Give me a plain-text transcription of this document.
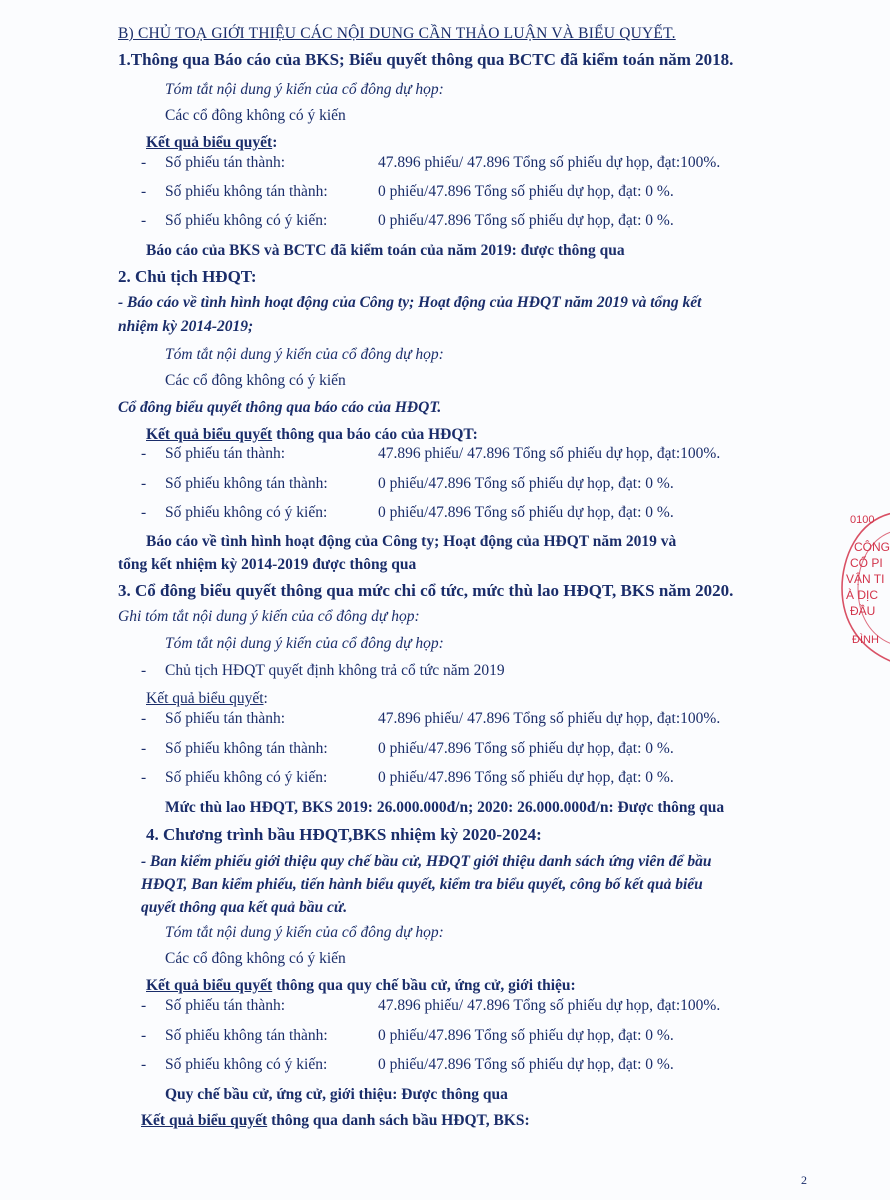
B) CHỦ TOẠ GIỚI THIỆU CÁC NỘI DUNG CẦN THẢO LUẬN VÀ BIỂU QUYẾT.
1.Thông qua Báo cáo của BKS; Biểu quyết thông qua BCTC đã kiểm toán năm 2018.
Tóm tắt nội dung ý kiến của cổ đông dự họp:
Các cổ đông không có ý kiến
Kết quả biểu quyết:
- Số phiếu tán thành:	47.896 phiếu/ 47.896 Tổng số phiếu dự họp, đạt:100%.
- Số phiếu không tán thành:	0 phiếu/47.896 Tổng số phiếu dự họp, đạt: 0 %.
- Số phiếu không có ý kiến:	0 phiếu/47.896 Tổng số phiếu dự họp, đạt: 0 %.
Báo cáo của BKS và BCTC đã kiểm toán của năm 2019: được thông qua
2. Chủ tịch HĐQT:
- Báo cáo về tình hình hoạt động của Công ty; Hoạt động của HĐQT năm 2019 và tổng kết
nhiệm kỳ 2014-2019;
Tóm tắt nội dung ý kiến của cổ đông dự họp:
Các cổ đông không có ý kiến
Cổ đông biểu quyết thông qua báo cáo của HĐQT.
Kết quả biểu quyết thông qua báo cáo của HĐQT:
- Số phiếu tán thành:	47.896 phiếu/ 47.896 Tổng số phiếu dự họp, đạt:100%.
- Số phiếu không tán thành:	0 phiếu/47.896 Tổng số phiếu dự họp, đạt: 0 %.
- Số phiếu không có ý kiến:	0 phiếu/47.896 Tổng số phiếu dự họp, đạt: 0 %.
Báo cáo về tình hình hoạt động của Công ty; Hoạt động của HĐQT năm 2019 và
tổng kết nhiệm kỳ 2014-2019 được thông qua
3. Cổ đông biểu quyết thông qua mức chi cổ tức, mức thù lao HĐQT, BKS năm 2020.
Ghi tóm tắt nội dung ý kiến của cổ đông dự họp:
Tóm tắt nội dung ý kiến của cổ đông dự họp:
- Chủ tịch HĐQT quyết định không trả cổ tức năm 2019
Kết quả biểu quyết:
- Số phiếu tán thành:	47.896 phiếu/ 47.896 Tổng số phiếu dự họp, đạt:100%.
- Số phiếu không tán thành:	0 phiếu/47.896 Tổng số phiếu dự họp, đạt: 0 %.
- Số phiếu không có ý kiến:	0 phiếu/47.896 Tổng số phiếu dự họp, đạt: 0 %.
Mức thù lao HĐQT, BKS 2019: 26.000.000đ/n; 2020: 26.000.000đ/n: Được thông qua
4. Chương trình bầu HĐQT,BKS nhiệm kỳ 2020-2024:
- Ban kiểm phiếu giới thiệu quy chế bầu cử, HĐQT giới thiệu danh sách ứng viên để bầu
HĐQT, Ban kiểm phiếu, tiến hành biểu quyết, kiểm tra biểu quyết, công bố kết quả biểu
quyết thông qua kết quả bầu cử.
Tóm tắt nội dung ý kiến của cổ đông dự họp:
Các cổ đông không có ý kiến
Kết quả biểu quyết thông qua quy chế bầu cử, ứng cử, giới thiệu:
- Số phiếu tán thành:	47.896 phiếu/ 47.896 Tổng số phiếu dự họp, đạt:100%.
- Số phiếu không tán thành:	0 phiếu/47.896 Tổng số phiếu dự họp, đạt: 0 %.
- Số phiếu không có ý kiến:	0 phiếu/47.896 Tổng số phiếu dự họp, đạt: 0 %.
Quy chế bầu cử, ứng cử, giới thiệu: Được thông qua
Kết quả biểu quyết thông qua danh sách bầu HĐQT, BKS:
0100
CÔNG
CỔ PI
VẬN TI
À DỊC
ĐẦU
ĐÌNH
2
